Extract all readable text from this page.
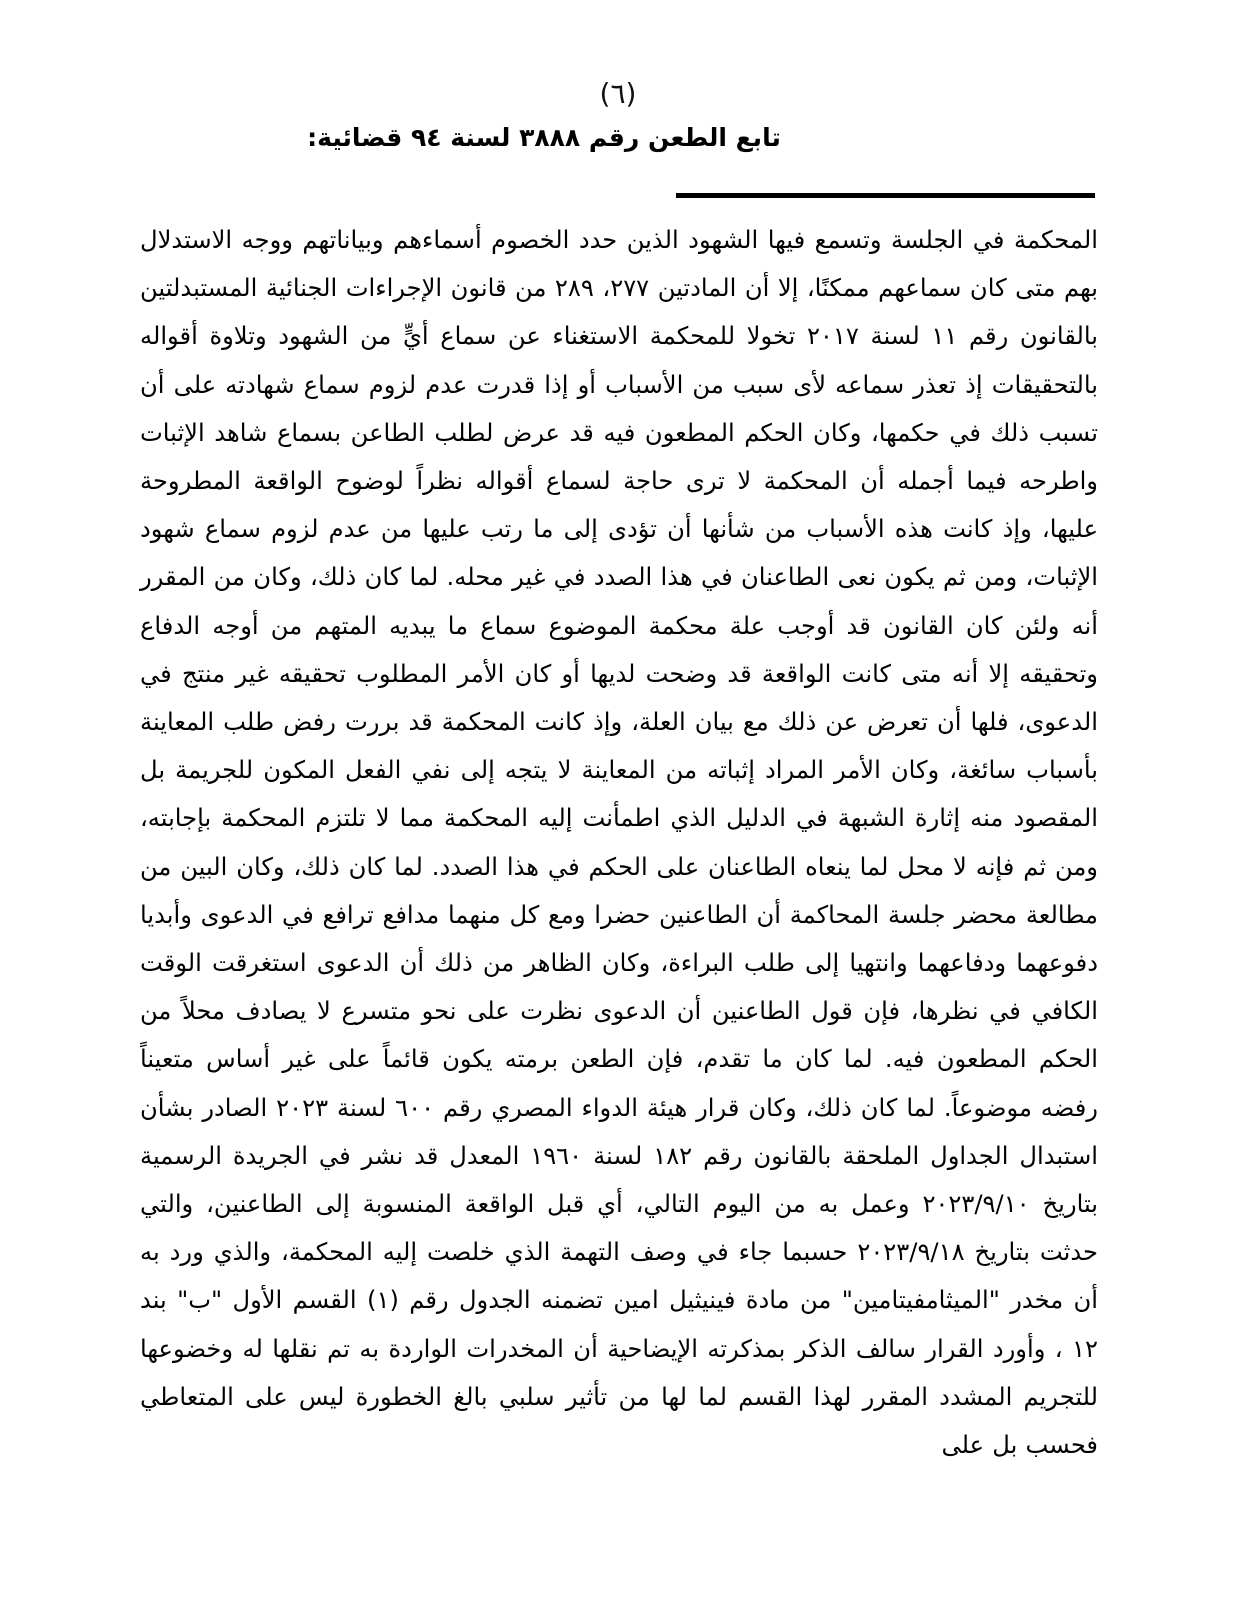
(٦)
تابع الطعن رقم ٣٨٨٨ لسنة ٩٤ قضائية:

المحكمة في الجلسة وتسمع فيها الشهود الذين حدد الخصوم أسماءهم وبياناتهم ووجه الاستدلال بهم متى كان سماعهم ممكنًا، إلا أن المادتين ٢٧٧، ٢٨٩ من قانون الإجراءات الجنائية المستبدلتين بالقانون رقم ١١ لسنة ٢٠١٧ تخولا للمحكمة الاستغناء عن سماع أيٍّ من الشهود وتلاوة أقواله بالتحقيقات إذ تعذر سماعه لأى سبب من الأسباب أو إذا قدرت عدم لزوم سماع شهادته على أن تسبب ذلك في حكمها، وكان الحكم المطعون فيه قد عرض لطلب الطاعن بسماع شاهد الإثبات واطرحه فيما أجمله أن المحكمة لا ترى حاجة لسماع أقواله نظراً لوضوح الواقعة المطروحة عليها، وإذ كانت هذه الأسباب من شأنها أن تؤدى إلى ما رتب عليها من عدم لزوم سماع شهود الإثبات، ومن ثم يكون نعى الطاعنان في هذا الصدد في غير محله. لما كان ذلك، وكان من المقرر أنه ولئن كان القانون قد أوجب علة محكمة الموضوع سماع ما يبديه المتهم من أوجه الدفاع وتحقيقه إلا أنه متى كانت الواقعة قد وضحت لديها أو كان الأمر المطلوب تحقيقه غير منتج في الدعوى، فلها أن تعرض عن ذلك مع بيان العلة، وإذ كانت المحكمة قد بررت رفض طلب المعاينة بأسباب سائغة، وكان الأمر المراد إثباته من المعاينة لا يتجه إلى نفي الفعل المكون للجريمة بل المقصود منه إثارة الشبهة في الدليل الذي اطمأنت إليه المحكمة مما لا تلتزم المحكمة بإجابته، ومن ثم فإنه لا محل لما ينعاه الطاعنان على الحكم في هذا الصدد. لما كان ذلك، وكان البين من مطالعة محضر جلسة المحاكمة أن الطاعنين حضرا ومع كل منهما مدافع ترافع في الدعوى وأبديا دفوعهما ودفاعهما وانتهيا إلى طلب البراءة، وكان الظاهر من ذلك أن الدعوى استغرقت الوقت الكافي في نظرها، فإن قول الطاعنين أن الدعوى نظرت على نحو متسرع لا يصادف محلاً من الحكم المطعون فيه. لما كان ما تقدم، فإن الطعن برمته يكون قائماً على غير أساس متعيناً رفضه موضوعاً. لما كان ذلك، وكان قرار هيئة الدواء المصري رقم ٦٠٠ لسنة ٢٠٢٣ الصادر بشأن استبدال الجداول الملحقة بالقانون رقم ١٨٢ لسنة ١٩٦٠ المعدل قد نشر في الجريدة الرسمية بتاريخ ٢٠٢٣/٩/١٠ وعمل به من اليوم التالي، أي قبل الواقعة المنسوبة إلى الطاعنين، والتي حدثت بتاريخ ٢٠٢٣/٩/١٨ حسبما جاء في وصف التهمة الذي خلصت إليه المحكمة، والذي ورد به أن مخدر "الميثامفيتامين" من مادة فينيثيل امين تضمنه الجدول رقم (١) القسم الأول "ب" بند ١٢ ، وأورد القرار سالف الذكر بمذكرته الإيضاحية أن المخدرات الواردة به تم نقلها له وخضوعها للتجريم المشدد المقرر لهذا القسم لما لها من تأثير سلبي بالغ الخطورة ليس على المتعاطي فحسب بل على
